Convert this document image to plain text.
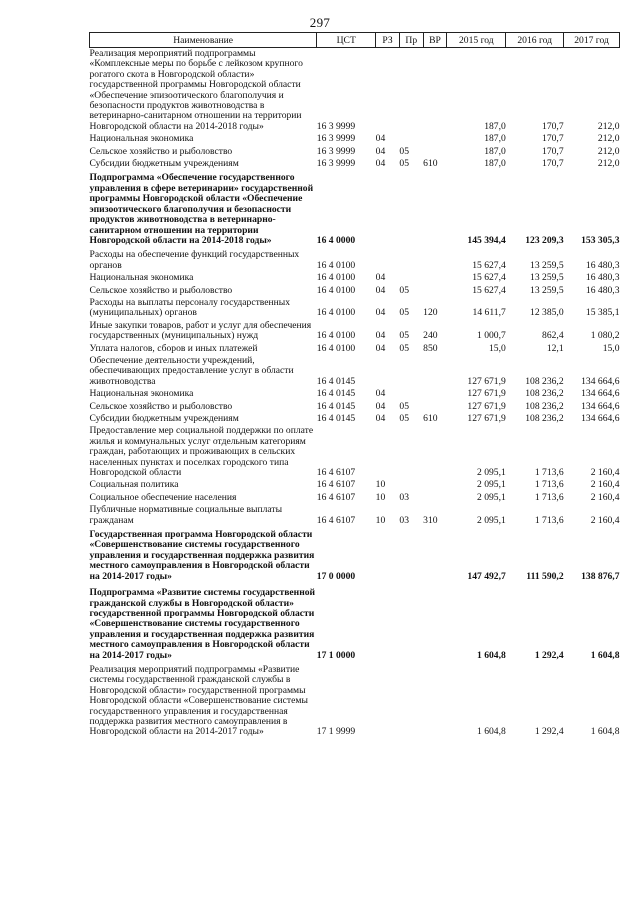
297
Наименование	ЦСТ	РЗ	Пр	ВР	2015 год	2016 год	2017 год
Реализация мероприятий подпрограммы «Комплексные меры по борьбе с лейкозом крупного рогатого скота в Новгородской области» государственной программы Новгородской области «Обеспечение эпизоотического благополучия и безопасности продуктов животноводства в ветеринарно-санитарном отношении на территории Новгородской области на 2014-2018 годы»	16 3 9999				187,0	170,7	212,0
Национальная экономика	16 3 9999	04			187,0	170,7	212,0
Сельское хозяйство и рыболовство	16 3 9999	04	05		187,0	170,7	212,0
Субсидии бюджетным учреждениям	16 3 9999	04	05	610	187,0	170,7	212,0
Подпрограмма «Обеспечение государственного управления в сфере ветеринарии» государственной программы Новгородской области «Обеспечение эпизоотического благополучия и безопасности продуктов животноводства в ветеринарно-санитарном отношении на территории Новгородской области на 2014-2018 годы»	16 4 0000				145 394,4	123 209,3	153 305,3
Расходы на обеспечение функций государственных органов	16 4 0100				15 627,4	13 259,5	16 480,3
Национальная экономика	16 4 0100	04			15 627,4	13 259,5	16 480,3
Сельское хозяйство и рыболовство	16 4 0100	04	05		15 627,4	13 259,5	16 480,3
Расходы на выплаты персоналу государственных (муниципальных) органов	16 4 0100	04	05	120	14 611,7	12 385,0	15 385,1
Иные закупки товаров, работ и услуг для обеспечения государственных (муниципальных) нужд	16 4 0100	04	05	240	1 000,7	862,4	1 080,2
Уплата налогов, сборов и иных платежей	16 4 0100	04	05	850	15,0	12,1	15,0
Обеспечение деятельности учреждений, обеспечивающих предоставление услуг в области животноводства	16 4 0145				127 671,9	108 236,2	134 664,6
Национальная экономика	16 4 0145	04			127 671,9	108 236,2	134 664,6
Сельское хозяйство и рыболовство	16 4 0145	04	05		127 671,9	108 236,2	134 664,6
Субсидии бюджетным учреждениям	16 4 0145	04	05	610	127 671,9	108 236,2	134 664,6
Предоставление мер социальной поддержки по оплате жилья и коммунальных услуг отдельным категориям граждан, работающих и проживающих в сельских населенных пунктах и поселках городского типа Новгородской области	16 4 6107				2 095,1	1 713,6	2 160,4
Социальная политика	16 4 6107	10			2 095,1	1 713,6	2 160,4
Социальное обеспечение населения	16 4 6107	10	03		2 095,1	1 713,6	2 160,4
Публичные нормативные социальные выплаты гражданам	16 4 6107	10	03	310	2 095,1	1 713,6	2 160,4
Государственная программа Новгородской области «Совершенствование системы государственного управления и государственная поддержка развития местного самоуправления в Новгородской области на 2014-2017 годы»	17 0 0000				147 492,7	111 590,2	138 876,7
Подпрограмма «Развитие системы государственной гражданской службы в Новгородской области» государственной программы Новгородской области «Совершенствование системы государственного управления и государственная поддержка развития местного самоуправления в Новгородской области на 2014-2017 годы»	17 1 0000				1 604,8	1 292,4	1 604,8
Реализация мероприятий подпрограммы «Развитие системы государственной гражданской службы в Новгородской области» государственной программы Новгородской области «Совершенствование системы государственного управления и государственная поддержка развития местного самоуправления в Новгородской области на 2014-2017 годы»	17 1 9999				1 604,8	1 292,4	1 604,8
